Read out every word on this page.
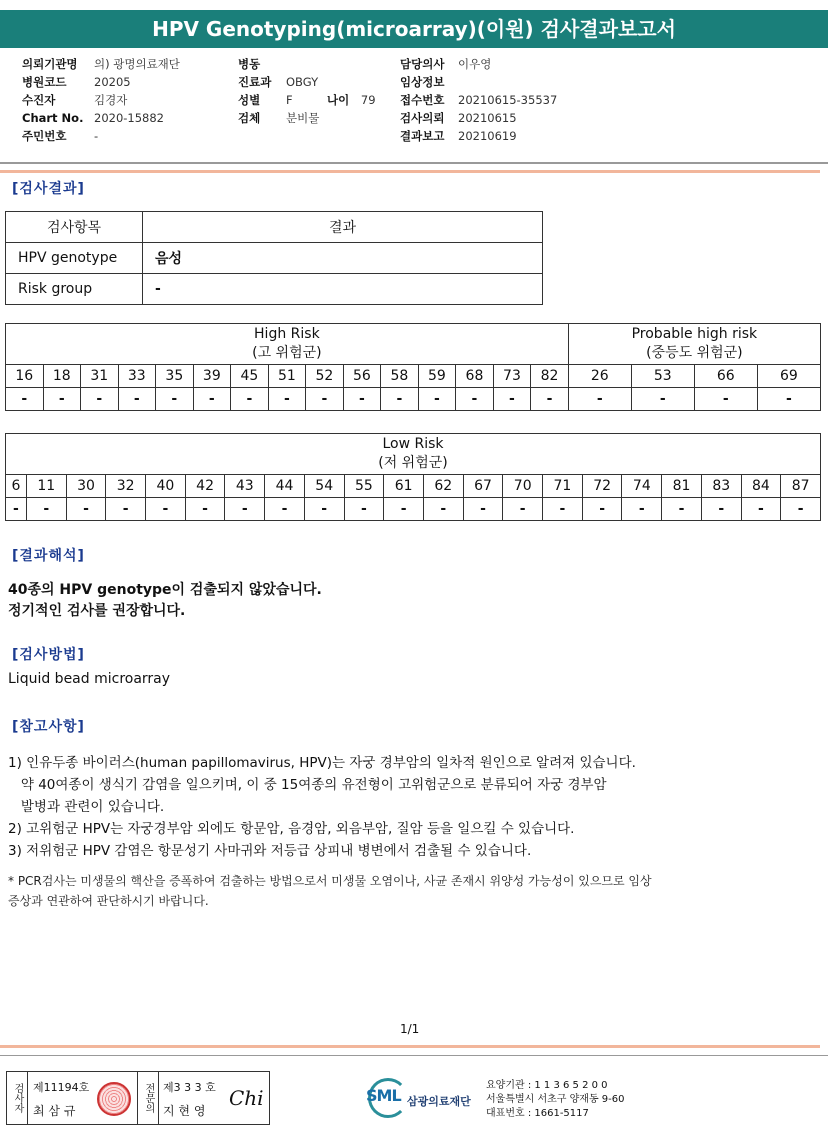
HPV Genotyping(microarray)(이원) 검사결과보고서
의뢰기관명	의) 광명의료재단
병원코드	20205
수진자	김경자
Chart No. 2020-15882
주민번호	-
병동
진료과	OBGY
성별	F
검체	분비물
담당의사	이우영
임상정보
접수번호	20210615-35537
검사의뢰	20210615
결과보고	20210619
나이 79
[검사결과]
검사항목	결과
HPV genotype	음성
Risk group	-
High Risk
(고 위험군)															Probable high risk
(중등도 위험군)			
16	18	31	33	35	39	45	51	52	56	58	59	68	73	82	26	53	66	69
-	-	-	-	-	-	-	-	-	-	-	-	-	-	-	-	-	-	-
Low Risk
(저 위험군)																				
6	11	30	32	40	42	43	44	54	55	61	62	67	70	71	72	74	81	83	84	87
-	-	-	-	-	-	-	-	-	-	-	-	-	-	-	-	-	-	-	-	-
[결과해석]
40종의 HPV genotype이 검출되지 않았습니다.
정기적인 검사를 권장합니다.
[검사방법]
Liquid bead microarray
[참고사항]
1) 인유두종 바이러스(human papillomavirus, HPV)는 자궁 경부암의 일차적 원인으로 알려져 있습니다.
약 40여종이 생식기 감염을 일으키며, 이 중 15여종의 유전형이 고위험군으로 분류되어 자궁 경부암
발병과 관련이 있습니다.
2) 고위험군 HPV는 자궁경부암 외에도 항문암, 음경암, 외음부암, 질암 등을 일으킬 수 있습니다.
3) 저위험군 HPV 감염은 항문성기 사마귀와 저등급 상피내 병변에서 검출될 수 있습니다.
* PCR검사는 미생물의 핵산을 증폭하여 검출하는 방법으로서 미생물 오염이나, 사균 존재시 위양성 가능성이 있으므로 임상
증상과 연관하여 판단하시기 바랍니다.
1/1
검사자 제11194호
최 삼 규	전문의 제3 3 3 호
지 현 영
Chi	SML 삼광의료재단
요양기관 : 1 1 3 6 5 2 0 0
서울특별시 서초구 양재동 9-60
대표번호 : 1661-5117
